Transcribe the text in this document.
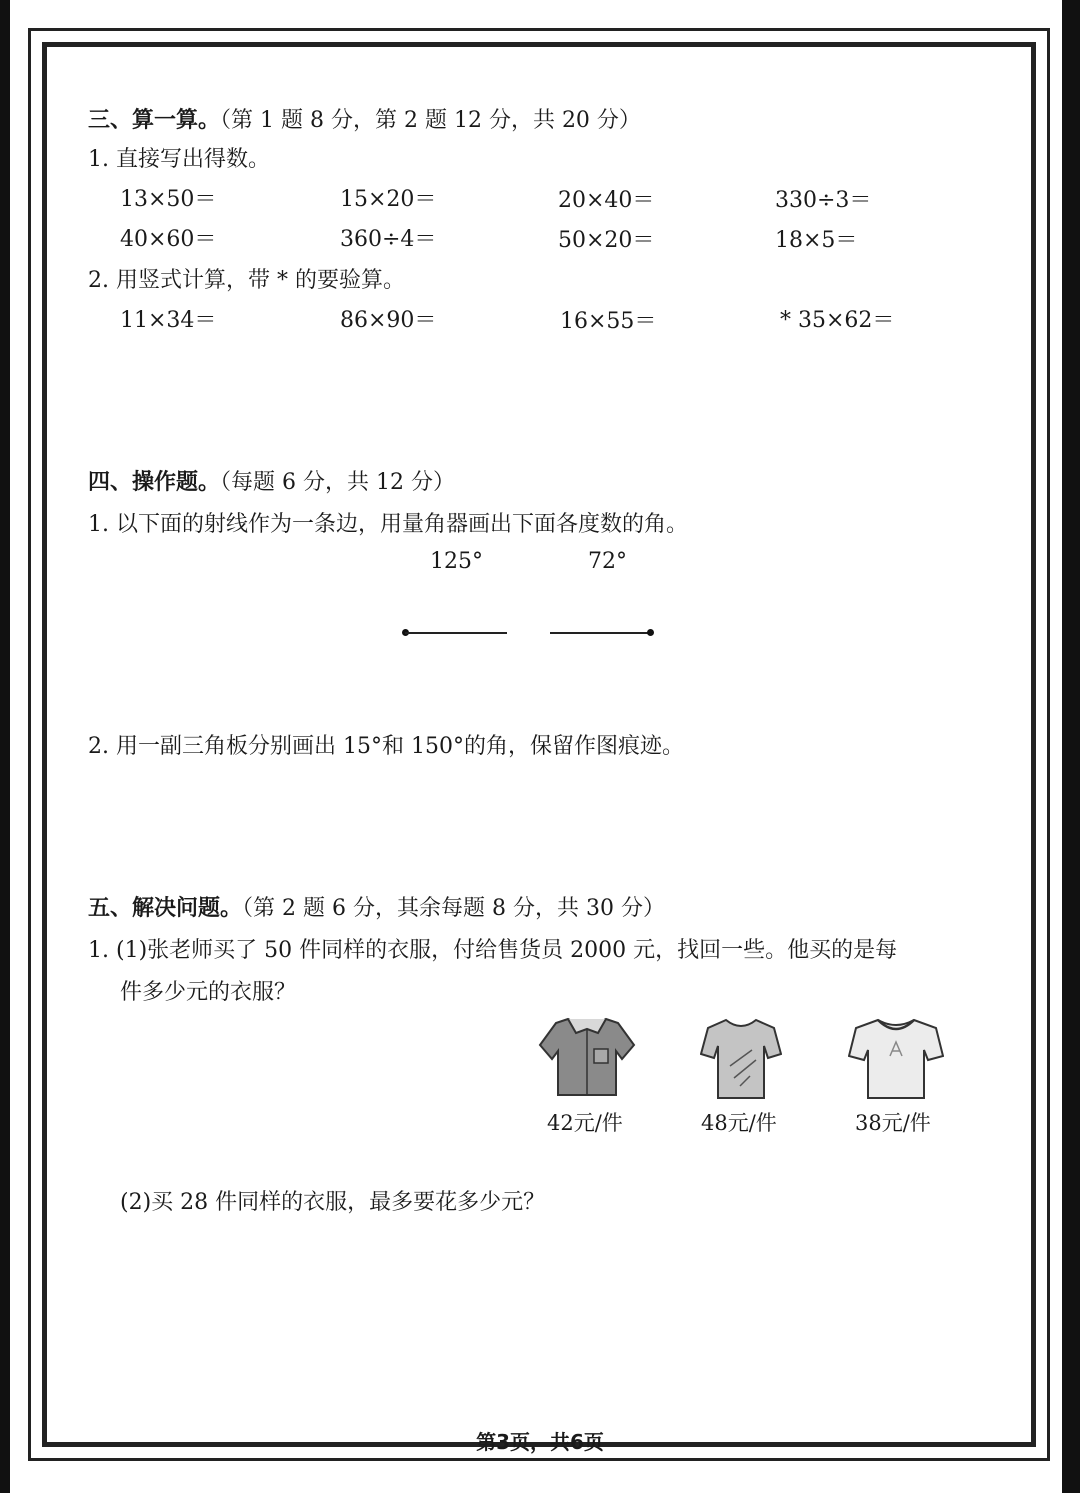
三、算一算。（第 1 题 8 分，第 2 题 12 分，共 20 分）
1. 直接写出得数。
13×50＝	15×20＝	20×40＝	330÷3＝
40×60＝	360÷4＝	50×20＝	18×5＝
2. 用竖式计算，带 * 的要验算。
11×34＝	86×90＝	16×55＝	* 35×62＝
四、操作题。（每题 6 分，共 12 分）
1. 以下面的射线作为一条边，用量角器画出下面各度数的角。
125°	72°
2. 用一副三角板分别画出 15°和 150°的角，保留作图痕迹。
五、解决问题。（第 2 题 6 分，其余每题 8 分，共 30 分）
1. (1)张老师买了 50 件同样的衣服，付给售货员 2000 元，找回一些。他买的是每
件多少元的衣服？
42元/件	48元/件	38元/件
(2)买 28 件同样的衣服，最多要花多少元？
第3页，共6页
